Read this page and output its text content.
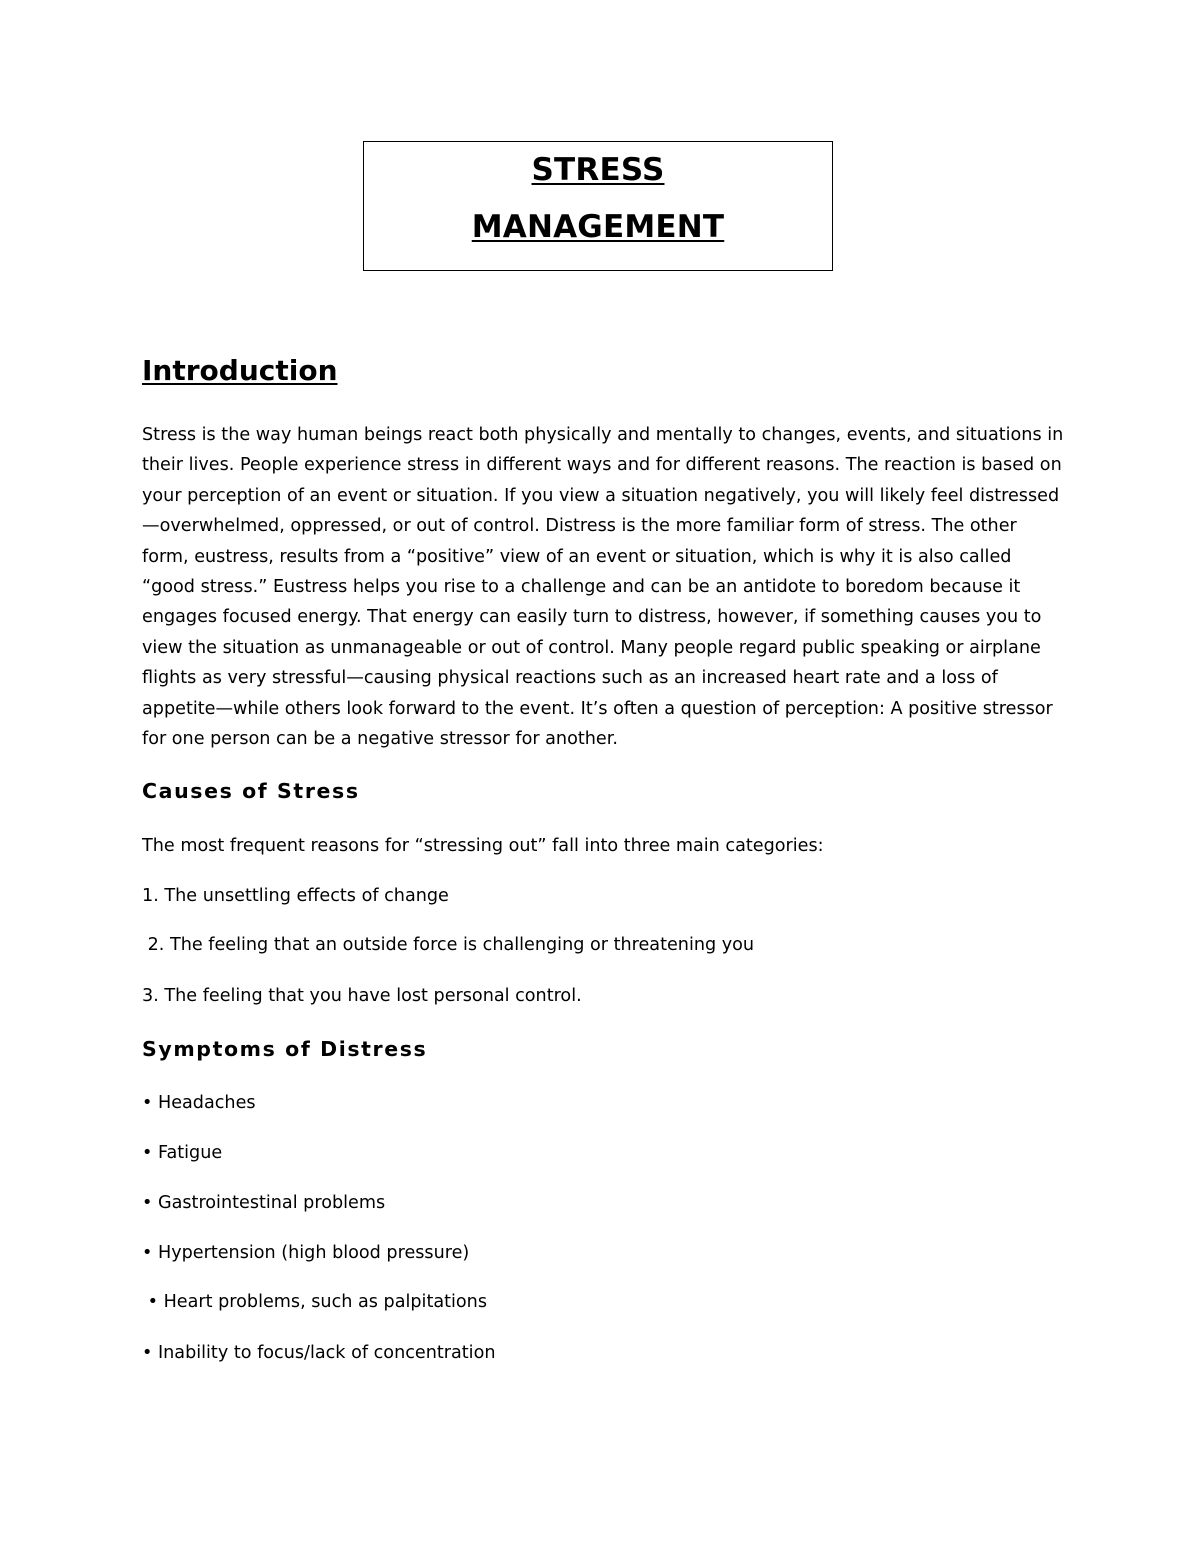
STRESS
MANAGEMENT
Introduction

Stress is the way human beings react both physically and mentally to changes, events, and situations in their lives. People experience stress in different ways and for different reasons. The reaction is based on your perception of an event or situation. If you view a situation negatively, you will likely feel distressed —overwhelmed, oppressed, or out of control. Distress is the more familiar form of stress. The other form, eustress, results from a “positive” view of an event or situation, which is why it is also called “good stress.” Eustress helps you rise to a challenge and can be an antidote to boredom because it engages focused energy. That energy can easily turn to distress, however, if something causes you to view the situation as unmanageable or out of control. Many people regard public speaking or airplane flights as very stressful—causing physical reactions such as an increased heart rate and a loss of appetite—while others look forward to the event. It’s often a question of perception: A positive stressor for one person can be a negative stressor for another.

Causes of Stress

The most frequent reasons for “stressing out” fall into three main categories:

1. The unsettling effects of change

2. The feeling that an outside force is challenging or threatening you

3. The feeling that you have lost personal control.

Symptoms of Distress

• Headaches

• Fatigue

• Gastrointestinal problems

• Hypertension (high blood pressure)

• Heart problems, such as palpitations

• Inability to focus/lack of concentration
